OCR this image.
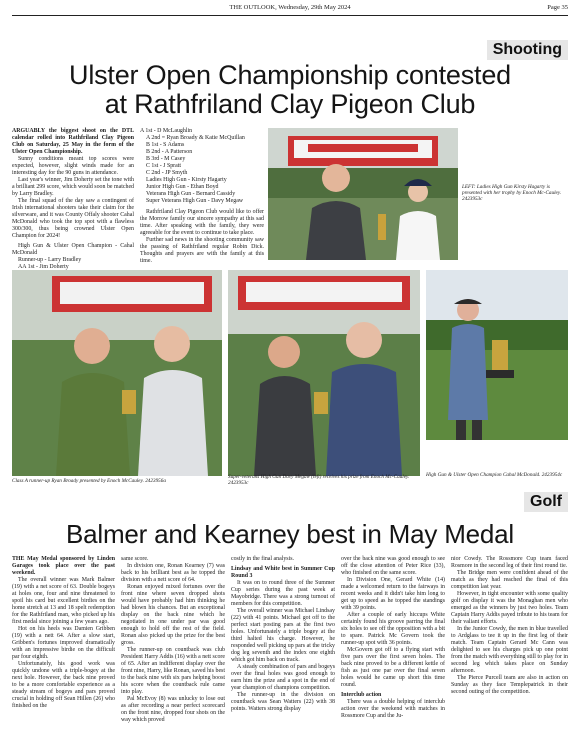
THE OUTLOOK, Wednesday, 29th May 2024	Page 35
Shooting
Ulster Open Championship contested
at Rathfriland Clay Pigeon Club

ARGUABLY the biggest shoot on the DTL calendar rolled into Rathfriland Clay Pigeon Club on Saturday, 25 May in the form of the Ulster Open Championship.

Sunny conditions meant top scores were expected, however, slight winds made for an interesting day for the 90 guns in attendance.

Last year's winner, Jim Doherty set the tone with a brilliant 299 score, which would soon be matched by Larry Bradley.

The final squad of the day saw a contingent of Irish international shooters take their claim for the silverware, and it was County Offaly shooter Cahal McDonald who took the top spot with a flawless 300/300, thus being crowned Ulster Open Champion for 2024!

High Gun & Ulster Open Champion - Cahal McDonald

Runner-up - Larry Bradley

AA 1st - Jim Doherty

A 1st - D McLaughlin

A 2nd = Ryan Broady & Katie McQuillan

B 1st - S Adams

B 2nd - A Patterson

B 3rd - M Casey

C 1st - J Spratt

C 2nd - JP Smyth

Ladies High Gun - Kirsty Hagarty

Junior High Gun - Ethan Boyd

Veterans High Gun - Bernard Cassidy

Super Veterans High Gun - Davy Megaw

Rathfriland Clay Pigeon Club would like to offer the Morrow family our sincere sympathy at this sad time. After speaking with the family, they were agreeable for the event to continue to take place.

Further sad news in the shooting community saw the passing of Rathfriland regular Robin Dick. Thoughts and prayers are with the family at this time.

LEFT: Ladies High Gun Kirsty Hagarty is presented with her trophy by Enoch Mc-Cauley. 2423953c
Class A runner-up Ryan Broady presented by Enoch McCauley. 2423956a
Super-veterans High Gun Davy Megaw (left) receives his prize from Enoch Mc-Cauley. 2423953c
High Gun & Ulster Open Champion Cahal McDonald. 2423954c
Golf
Balmer and Kearney best in May Medal

THE May Medal sponsored by Linden Garages took place over the past weekend.

The overall winner was Mark Balmer (19) with a net score of 63. Double bogeys at holes one, four and nine threatened to spoil his card but excellent birdies on the home stretch at 13 and 18 spelt redemption for the Rathfriland man, who picked up his first medal since joining a few years ago.

Hot on his heels was Damien Gribben (19) with a nett 64. After a slow start, Gribben's fortunes improved dramatically with an impressive birdie on the difficult par four eighth.

Unfortunately, his good work was quickly undone with a triple-bogey at the next hole. However, the back nine proved to be a more comfortable experience as a steady stream of bogeys and pars proved crucial in holding off Sean Hillen (26) who finished on the

same score.

In division one, Ronan Kearney (7) was back to his brilliant best as he topped the division with a nett score of 64.

Ronan enjoyed mixed fortunes over the front nine where seven dropped shots would have probably had him thinking he had blown his chances. But an exceptional display on the back nine which he negotiated in one under par was good enough to hold off the rest of the field. Ronan also picked up the prize for the best gross.

The runner-up on countback was club President Harry Addis (16) with a nett score of 65. After an indifferent display over the front nine, Harry, like Ronan, saved his best to the back nine with six pars helping boost his score when the countback rule came into play.

Pal McEvoy (8) was unlucky to lose out as after recording a near perfect scorecard on the front nine, dropped four shots on the way which proved

costly in the final analysis.

Lindsay and White best in Summer Cup Round 3

It was on to round three of the Summer Cup series during the past week at Mayobridge. There was a strong turnout of members for this competition.

The overall winner was Michael Lindsay (22) with 41 points. Michael got off to the perfect start posting pars at the first two holes. Unfortunately a triple bogey at the third halted his charge. However, he responded well picking up pars at the tricky dog leg seventh and the index one eighth which got him back on track.

A steady combination of pars and bogeys over the final holes was good enough to earn him the prize and a spot in the end of year champion of champions competition.

The runner-up in the division on countback was Sean Watters (22) with 38 points. Watters strong display

over the back nine was good enough to see off the close attention of Peter Rice (33), who finished on the same score.

In Division One, Gerard White (14) made a welcomed return to the fairways in recent weeks and it didn't take him long to get up to speed as he topped the standings with 39 points.

After a couple of early hiccups White certainly found his groove parring the final six holes to see off the opposition with a bit to spare. Patrick Mc Govern took the runner-up spot with 36 points.

McGovern got off to a flying start with five pars over the first seven holes. The back nine proved to be a different kettle of fish as just one par over the final seven holes would he came up short this time round.

Interclub action

There was a double helping of interclub action over the weekend with matches in Rossmore Cup and the Ju-

nior Cowdy. The Rossmore Cup team faced Rosmore in the second leg of their first round tie.

The Bridge men were confident ahead of the match as they had reached the final of this competition last year.

However, in tight encounter with some quality golf on display it was the Monaghan men who emerged as the winners by just two holes. Team Captain Harry Addis payed tribute to his team for their valiant efforts.

In the Junior Cowdy, the men in blue travelled to Ardglass to tee it up in the first leg of their match. Team Captain Gerard Mc Cann was delighted to see his charges pick up one point from the match with everything still to play for in second leg which takes place on Sunday afternoon.

The Pierce Purcell team are also in action on Sunday as they face Templepatrick in their second outing of the competition.
